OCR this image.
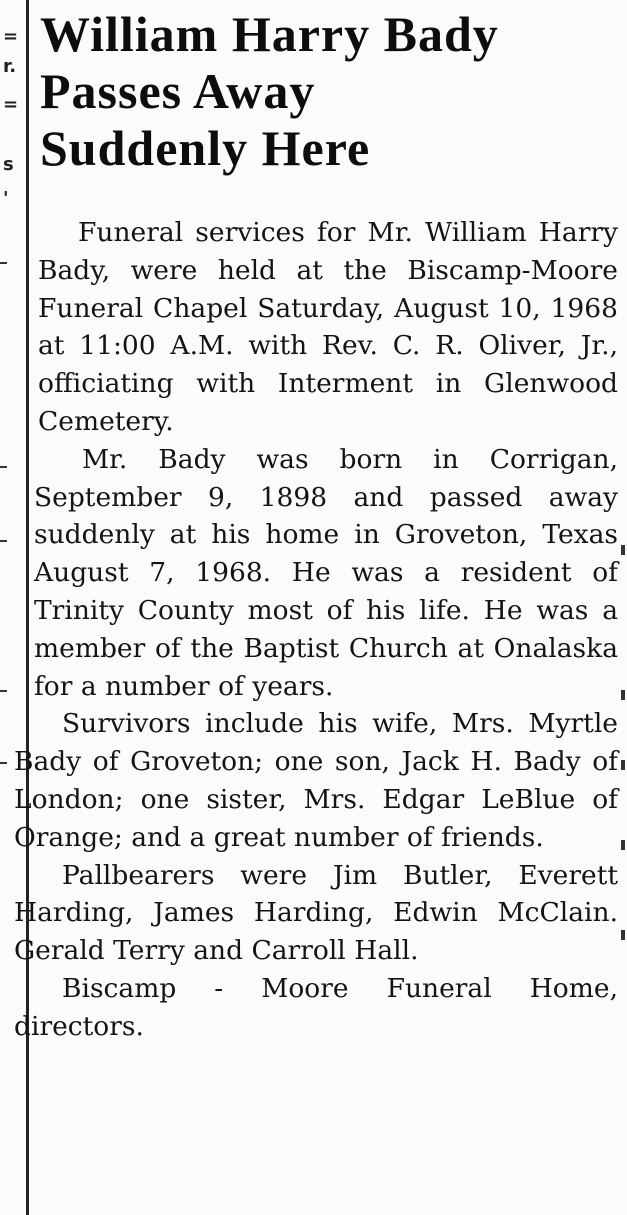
=
r.
=
s
'
William Harry Bady
Passes Away
Suddenly Here

Funeral services for Mr. William Harry Bady, were held at the Biscamp-Moore Funeral Chapel Saturday, August 10, 1968 at 11:00 A.M. with Rev. C. R. Oliver, Jr., officiating with Interment in Glenwood Cemetery.

Mr. Bady was born in Corrigan, September 9, 1898 and passed away suddenly at his home in Groveton, Texas August 7, 1968. He was a resident of Trinity County most of his life. He was a member of the Baptist Church at Onalaska for a number of years.

Survivors include his wife, Mrs. Myrtle Bady of Groveton; one son, Jack H. Bady of London; one sister, Mrs. Edgar LeBlue of Orange; and a great number of friends.

Pallbearers were Jim Butler, Everett Harding, James Harding, Edwin McClain. Gerald Terry and Carroll Hall.

Biscamp - Moore Funeral Home, directors.
